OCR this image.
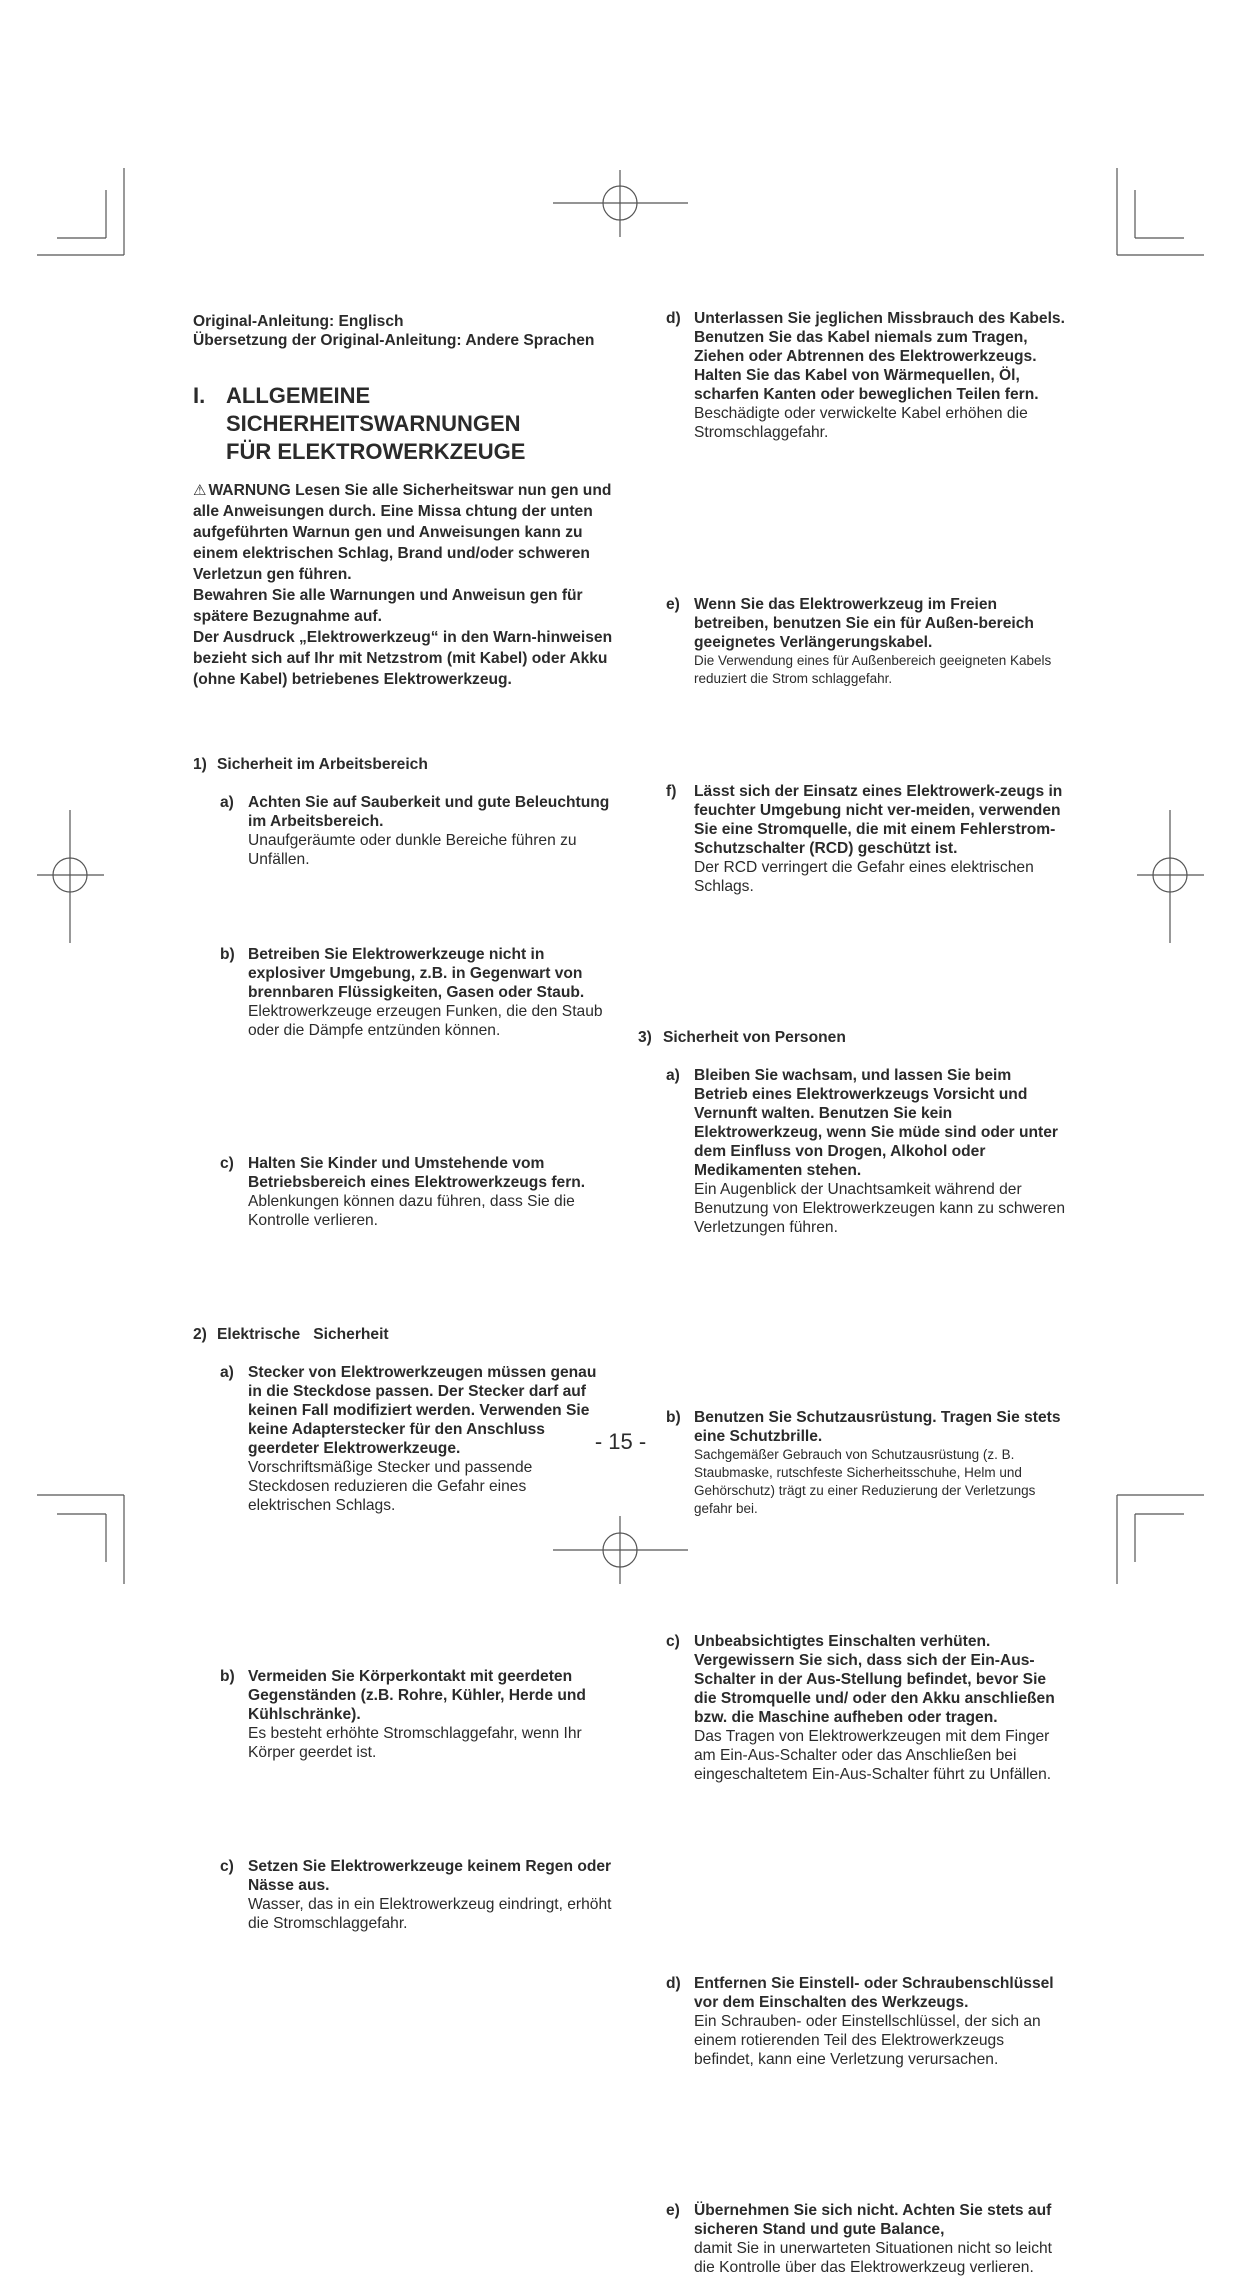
Original-Anleitung: Englisch
Übersetzung der Original-Anleitung: Andere Sprachen
I. ALLGEMEINE
SICHERHEITSWARNUNGEN
FÜR ELEKTROWERKZEUGE
⚠ WARNUNG Lesen Sie alle Sicherheitswar nun gen und alle Anweisungen durch. Eine Missa chtung der unten aufgeführten Warnun gen und Anweisungen kann zu einem elektrischen Schlag, Brand und/oder schweren Verletzun gen führen.
Bewahren Sie alle Warnungen und Anweisun gen für spätere Bezugnahme auf.
Der Ausdruck „Elektrowerkzeug“ in den Warn-hinweisen bezieht sich auf Ihr mit Netzstrom (mit Kabel) oder Akku (ohne Kabel) betriebenes Elektrowerkzeug.
1) Sicherheit im Arbeitsbereich
a) Achten Sie auf Sauberkeit und gute Beleuchtung im Arbeitsbereich.
Unaufgeräumte oder dunkle Bereiche führen zu Unfällen.
b) Betreiben Sie Elektrowerkzeuge nicht in explosiver Umgebung, z.B. in Gegenwart von brennbaren Flüssigkeiten, Gasen oder Staub.
Elektrowerkzeuge erzeugen Funken, die den Staub oder die Dämpfe entzünden können.
c) Halten Sie Kinder und Umstehende vom Betriebsbereich eines Elektrowerkzeugs fern.
Ablenkungen können dazu führen, dass Sie die Kontrolle verlieren.
2) Elektrische   Sicherheit
a) Stecker von Elektrowerkzeugen müssen genau in die Steckdose passen. Der Stecker darf auf keinen Fall modifiziert werden. Verwenden Sie keine Adapterstecker für den Anschluss geerdeter Elektrowerkzeuge.
Vorschriftsmäßige Stecker und passende Steckdosen reduzieren die Gefahr eines elektrischen Schlags.
b) Vermeiden Sie Körperkontakt mit geerdeten Gegenständen (z.B. Rohre, Kühler, Herde und Kühlschränke).
Es besteht erhöhte Stromschlaggefahr, wenn Ihr Körper geerdet ist.
c) Setzen Sie Elektrowerkzeuge keinem Regen oder Nässe aus.
Wasser, das in ein Elektrowerkzeug eindringt, erhöht die Stromschlaggefahr.
d) Unterlassen Sie jeglichen Missbrauch des Kabels. Benutzen Sie das Kabel niemals zum Tragen, Ziehen oder Abtrennen des Elektrowerkzeugs. Halten Sie das Kabel von Wärmequellen, Öl, scharfen Kanten oder beweglichen Teilen fern.
Beschädigte oder verwickelte Kabel erhöhen die Stromschlaggefahr.
e) Wenn Sie das Elektrowerkzeug im Freien betreiben, benutzen Sie ein für Außen-bereich geeignetes Verlängerungskabel.
Die Verwendung eines für Außenbereich geeigneten Kabels reduziert die Strom schlaggefahr.
f) Lässt sich der Einsatz eines Elektrowerk-zeugs in feuchter Umgebung nicht ver-meiden, verwenden Sie eine Stromquelle, die mit einem Fehlerstrom-Schutzschalter (RCD) geschützt ist.
Der RCD verringert die Gefahr eines elektrischen Schlags.
3) Sicherheit von Personen
a) Bleiben Sie wachsam, und lassen Sie beim Betrieb eines Elektrowerkzeugs Vorsicht und Vernunft walten. Benutzen Sie kein Elektrowerkzeug, wenn Sie müde sind oder unter dem Einfluss von Drogen, Alkohol oder Medikamenten stehen.
Ein Augenblick der Unachtsamkeit während der Benutzung von Elektrowerkzeugen kann zu schweren Verletzungen führen.
b) Benutzen Sie Schutzausrüstung. Tragen Sie stets eine Schutzbrille.
Sachgemäßer Gebrauch von Schutzausrüstung (z. B. Staubmaske, rutschfeste Sicherheitsschuhe, Helm und Gehörschutz) trägt zu einer Reduzierung der Verletzungs gefahr bei.
c) Unbeabsichtigtes Einschalten verhüten. Vergewissern Sie sich, dass sich der Ein-Aus-Schalter in der Aus-Stellung befindet, bevor Sie die Stromquelle und/ oder den Akku anschließen bzw. die Maschine aufheben oder tragen.
Das Tragen von Elektrowerkzeugen mit dem Finger am Ein-Aus-Schalter oder das Anschließen bei eingeschaltetem Ein-Aus-Schalter führt zu Unfällen.
d) Entfernen Sie Einstell- oder Schraubenschlüssel vor dem Einschalten des Werkzeugs.
Ein Schrauben- oder Einstellschlüssel, der sich an einem rotierenden Teil des Elektrowerkzeugs befindet, kann eine Verletzung verursachen.
e) Übernehmen Sie sich nicht. Achten Sie stets auf sicheren Stand und gute Balance,
damit Sie in unerwarteten Situationen nicht so leicht die Kontrolle über das Elektrowerkzeug verlieren.
- 15 -
